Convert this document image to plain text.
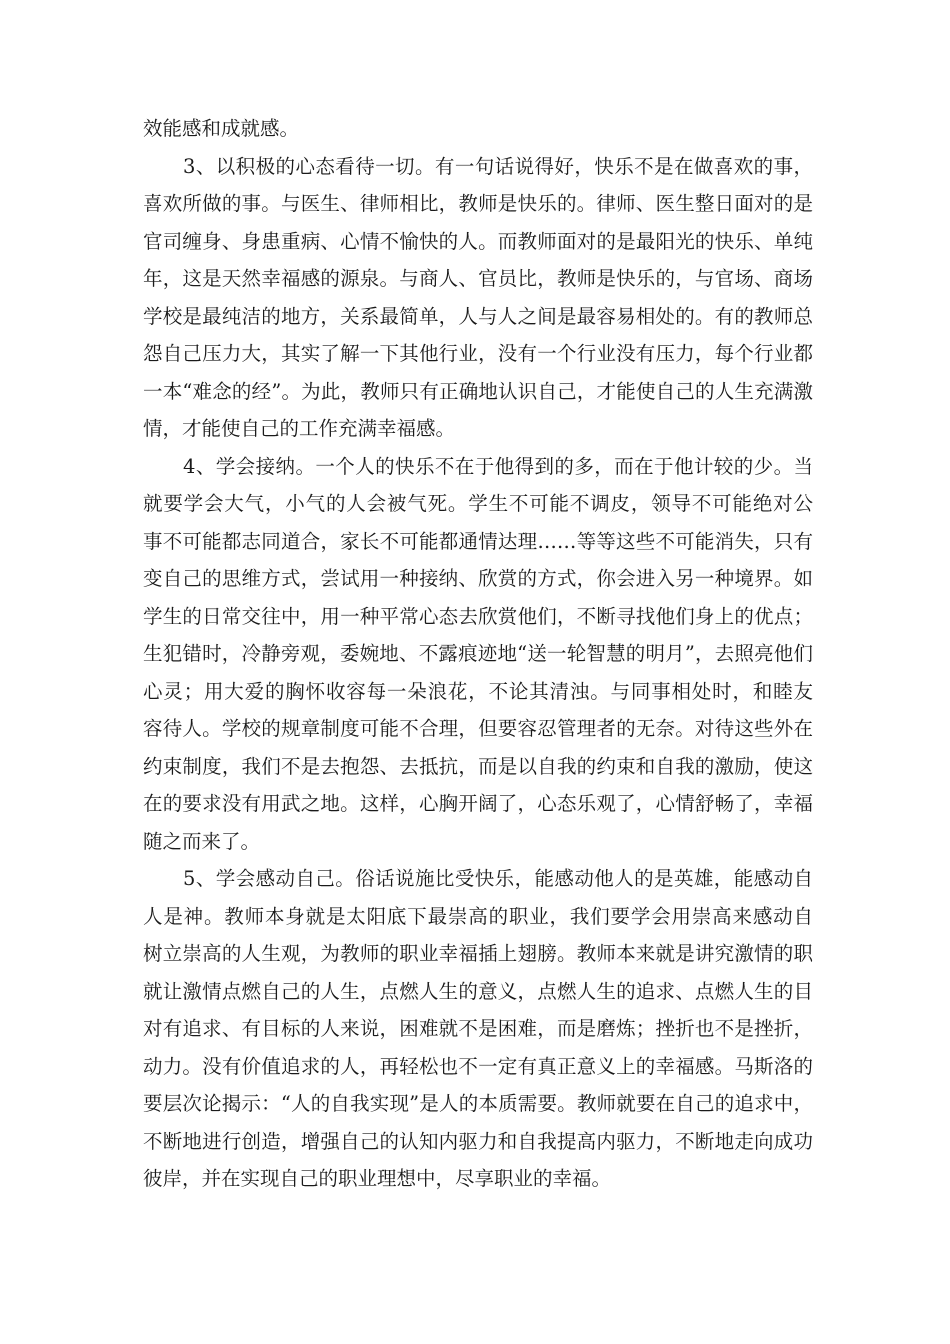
效能感和成就感。
3、以积极的心态看待一切。有一句话说得好，快乐不是在做喜欢的事，
喜欢所做的事。与医生、律师相比，教师是快乐的。律师、医生整日面对的是
官司缠身、身患重病、心情不愉快的人。而教师面对的是最阳光的快乐、单纯
年，这是天然幸福感的源泉。与商人、官员比，教师是快乐的，与官场、商场
学校是最纯洁的地方，关系最简单，人与人之间是最容易相处的。有的教师总
怨自己压力大，其实了解一下其他行业，没有一个行业没有压力，每个行业都
一本“难念的经”。为此，教师只有正确地认识自己，才能使自己的人生充满激
情，才能使自己的工作充满幸福感。
4、学会接纳。一个人的快乐不在于他得到的多，而在于他计较的少。当
就要学会大气，小气的人会被气死。学生不可能不调皮，领导不可能绝对公
事不可能都志同道合，家长不可能都通情达理……等等这些不可能消失，只有
变自己的思维方式，尝试用一种接纳、欣赏的方式，你会进入另一种境界。如
学生的日常交往中，用一种平常心态去欣赏他们，不断寻找他们身上的优点；
生犯错时，冷静旁观，委婉地、不露痕迹地“送一轮智慧的明月”，去照亮他们
心灵；用大爱的胸怀收容每一朵浪花，不论其清浊。与同事相处时，和睦友
容待人。学校的规章制度可能不合理，但要容忍管理者的无奈。对待这些外在
约束制度，我们不是去抱怨、去抵抗，而是以自我的约束和自我的激励，使这
在的要求没有用武之地。这样，心胸开阔了，心态乐观了，心情舒畅了，幸福
随之而来了。
5、学会感动自己。俗话说施比受快乐，能感动他人的是英雄，能感动自
人是神。教师本身就是太阳底下最崇高的职业，我们要学会用崇高来感动自
树立崇高的人生观，为教师的职业幸福插上翅膀。教师本来就是讲究激情的职
就让激情点燃自己的人生，点燃人生的意义，点燃人生的追求、点燃人生的目
对有追求、有目标的人来说，困难就不是困难，而是磨炼；挫折也不是挫折，
动力。没有价值追求的人，再轻松也不一定有真正意义上的幸福感。马斯洛的
要层次论揭示：“人的自我实现”是人的本质需要。教师就要在自己的追求中，
不断地进行创造，增强自己的认知内驱力和自我提高内驱力，不断地走向成功
彼岸，并在实现自己的职业理想中，尽享职业的幸福。
